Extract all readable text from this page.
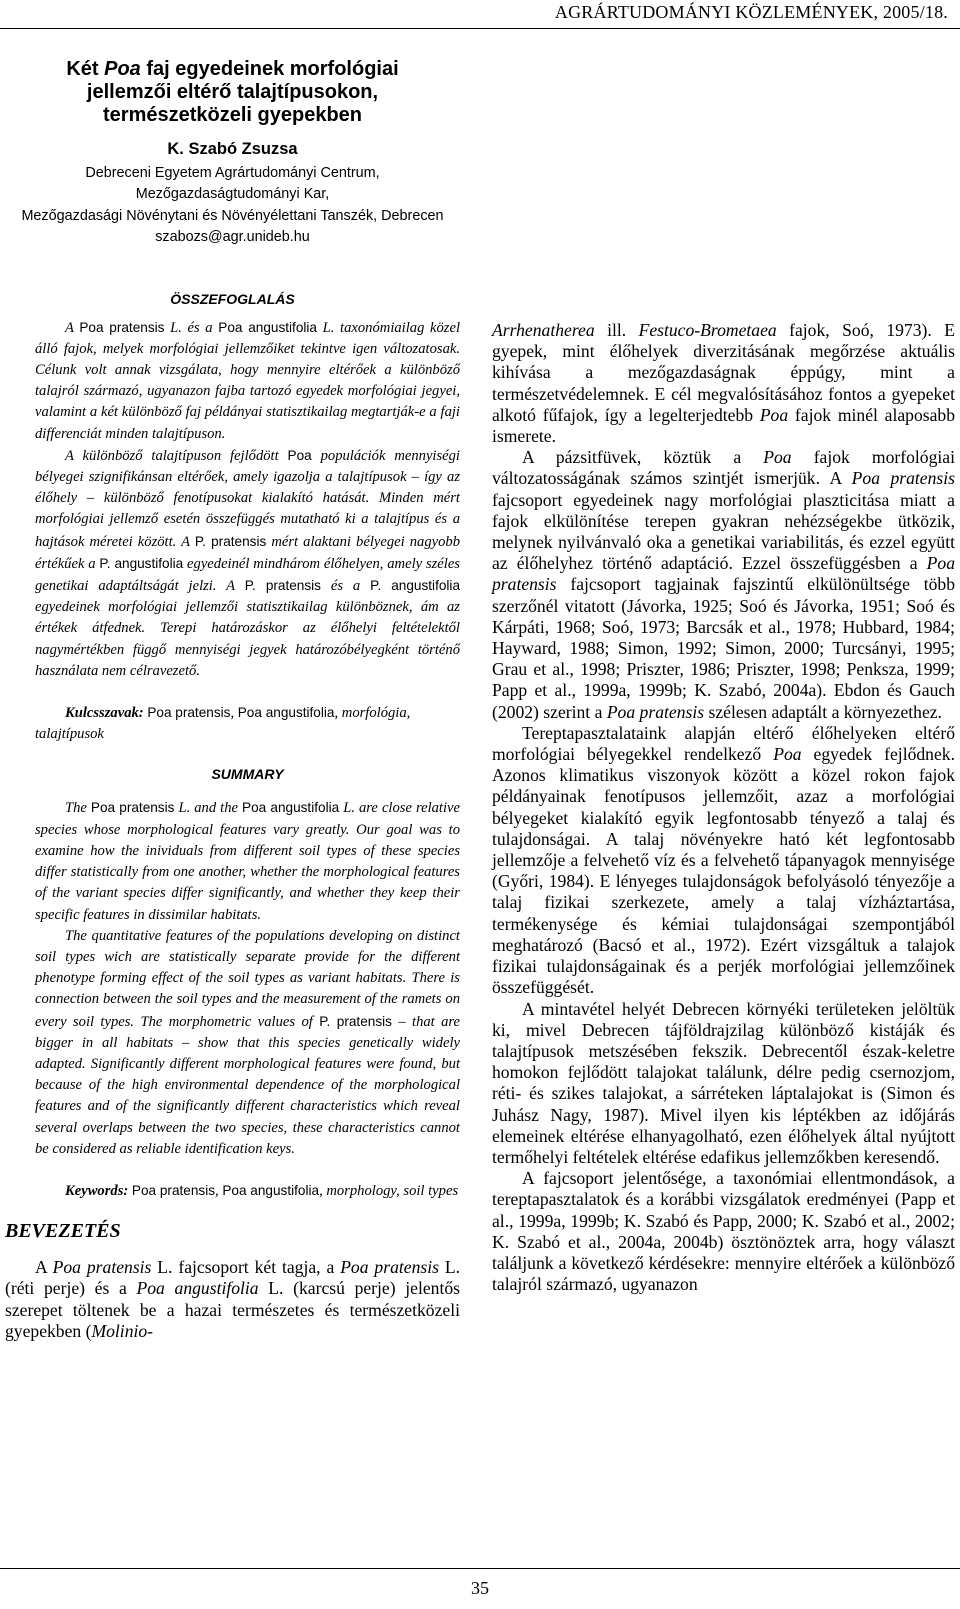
AGRÁRTUDOMÁNYI KÖZLEMÉNYEK, 2005/18.
Két Poa faj egyedeinek morfológiai
jellemzői eltérő talajtípusokon,
természetközeli gyepekben
K. Szabó Zsuzsa
Debreceni Egyetem Agrártudományi Centrum,
Mezőgazdaságtudományi Kar,
Mezőgazdasági Növénytani és Növényélettani Tanszék, Debrecen
szabozs@agr.unideb.hu
ÖSSZEFOGLALÁS

A Poa pratensis L. és a Poa angustifolia L. taxonómiailag közel álló fajok, melyek morfológiai jellemzőiket tekintve igen változatosak. Célunk volt annak vizsgálata, hogy mennyire eltérőek a különböző talajról származó, ugyanazon fajba tartozó egyedek morfológiai jegyei, valamint a két különböző faj példányai statisztikailag megtartják-e a faji differenciát minden talajtípuson.

A különböző talajtípuson fejlődött Poa populációk mennyiségi bélyegei szignifikánsan eltérőek, amely igazolja a talajtípusok – így az élőhely – különböző fenotípusokat kialakító hatását. Minden mért morfológiai jellemző esetén összefüggés mutatható ki a talajtípus és a hajtások méretei között. A P. pratensis mért alaktani bélyegei nagyobb értékűek a P. angustifolia egyedeinél mindhárom élőhelyen, amely széles genetikai adaptáltságát jelzi. A P. pratensis és a P. angustifolia egyedeinek morfológiai jellemzői statisztikailag különböznek, ám az értékek átfednek. Terepi határozáskor az élőhelyi feltételektől nagymértékben függő mennyiségi jegyek határozóbélyegként történő használata nem célravezető.

Kulcsszavak: Poa pratensis, Poa angustifolia, morfológia, talajtípusok
SUMMARY

The Poa pratensis L. and the Poa angustifolia L. are close relative species whose morphological features vary greatly. Our goal was to examine how the inividuals from different soil types of these species differ statistically from one another, whether the morphological features of the variant species differ significantly, and whether they keep their specific features in dissimilar habitats.

The quantitative features of the populations developing on distinct soil types wich are statistically separate provide for the different phenotype forming effect of the soil types as variant habitats. There is connection between the soil types and the measurement of the ramets on every soil types. The morphometric values of P. pratensis – that are bigger in all habitats – show that this species genetically widely adapted. Significantly different morphological features were found, but because of the high environmental dependence of the morphological features and of the significantly different characteristics which reveal several overlaps between the two species, these characteristics cannot be considered as reliable identification keys.

Keywords: Poa pratensis, Poa angustifolia, morphology, soil types
BEVEZETÉS

A Poa pratensis L. fajcsoport két tagja, a Poa pratensis L. (réti perje) és a Poa angustifolia L. (karcsú perje) jelentős szerepet töltenek be a hazai természetes és természetközeli gyepekben (Molinio-

Arrhenatherea ill. Festuco-Brometaea fajok, Soó, 1973). E gyepek, mint élőhelyek diverzitásának megőrzése aktuális kihívása a mezőgazdaságnak éppúgy, mint a természetvédelemnek. E cél megvalósításához fontos a gyepeket alkotó fűfajok, így a legelterjedtebb Poa fajok minél alaposabb ismerete.

A pázsitfüvek, köztük a Poa fajok morfológiai változatosságának számos szintjét ismerjük. A Poa pratensis fajcsoport egyedeinek nagy morfológiai plaszticitása miatt a fajok elkülönítése terepen gyakran nehézségekbe ütközik, melynek nyilvánvaló oka a genetikai variabilitás, és ezzel együtt az élőhelyhez történő adaptáció. Ezzel összefüggésben a Poa pratensis fajcsoport tagjainak fajszintű elkülönültsége több szerzőnél vitatott (Jávorka, 1925; Soó és Jávorka, 1951; Soó és Kárpáti, 1968; Soó, 1973; Barcsák et al., 1978; Hubbard, 1984; Hayward, 1988; Simon, 1992; Simon, 2000; Turcsányi, 1995; Grau et al., 1998; Priszter, 1986; Priszter, 1998; Penksza, 1999; Papp et al., 1999a, 1999b; K. Szabó, 2004a). Ebdon és Gauch (2002) szerint a Poa pratensis szélesen adaptált a környezethez.

Tereptapasztalataink alapján eltérő élőhelyeken eltérő morfológiai bélyegekkel rendelkező Poa egyedek fejlődnek. Azonos klimatikus viszonyok között a közel rokon fajok példányainak fenotípusos jellemzőit, azaz a morfológiai bélyegeket kialakító egyik legfontosabb tényező a talaj és tulajdonságai. A talaj növényekre ható két legfontosabb jellemzője a felvehető víz és a felvehető tápanyagok mennyisége (Győri, 1984). E lényeges tulajdonságok befolyásoló tényezője a talaj fizikai szerkezete, amely a talaj vízháztartása, termékenysége és kémiai tulajdonságai szempontjából meghatározó (Bacsó et al., 1972). Ezért vizsgáltuk a talajok fizikai tulajdonságainak és a perjék morfológiai jellemzőinek összefüggését.

A mintavétel helyét Debrecen környéki területeken jelöltük ki, mivel Debrecen tájföldrajzilag különböző kistáják és talajtípusok metszésében fekszik. Debrecentől észak-keletre homokon fejlődött talajokat találunk, délre pedig csernozjom, réti- és szikes talajokat, a sárréteken láptalajokat is (Simon és Juhász Nagy, 1987). Mivel ilyen kis léptékben az időjárás elemeinek eltérése elhanyagolható, ezen élőhelyek által nyújtott termőhelyi feltételek eltérése edafikus jellemzőkben keresendő.

A fajcsoport jelentősége, a taxonómiai ellentmondások, a tereptapasztalatok és a korábbi vizsgálatok eredményei (Papp et al., 1999a, 1999b; K. Szabó és Papp, 2000; K. Szabó et al., 2002; K. Szabó et al., 2004a, 2004b) ösztönöztek arra, hogy választ találjunk a következő kérdésekre: mennyire eltérőek a különböző talajról származó, ugyanazon

35
